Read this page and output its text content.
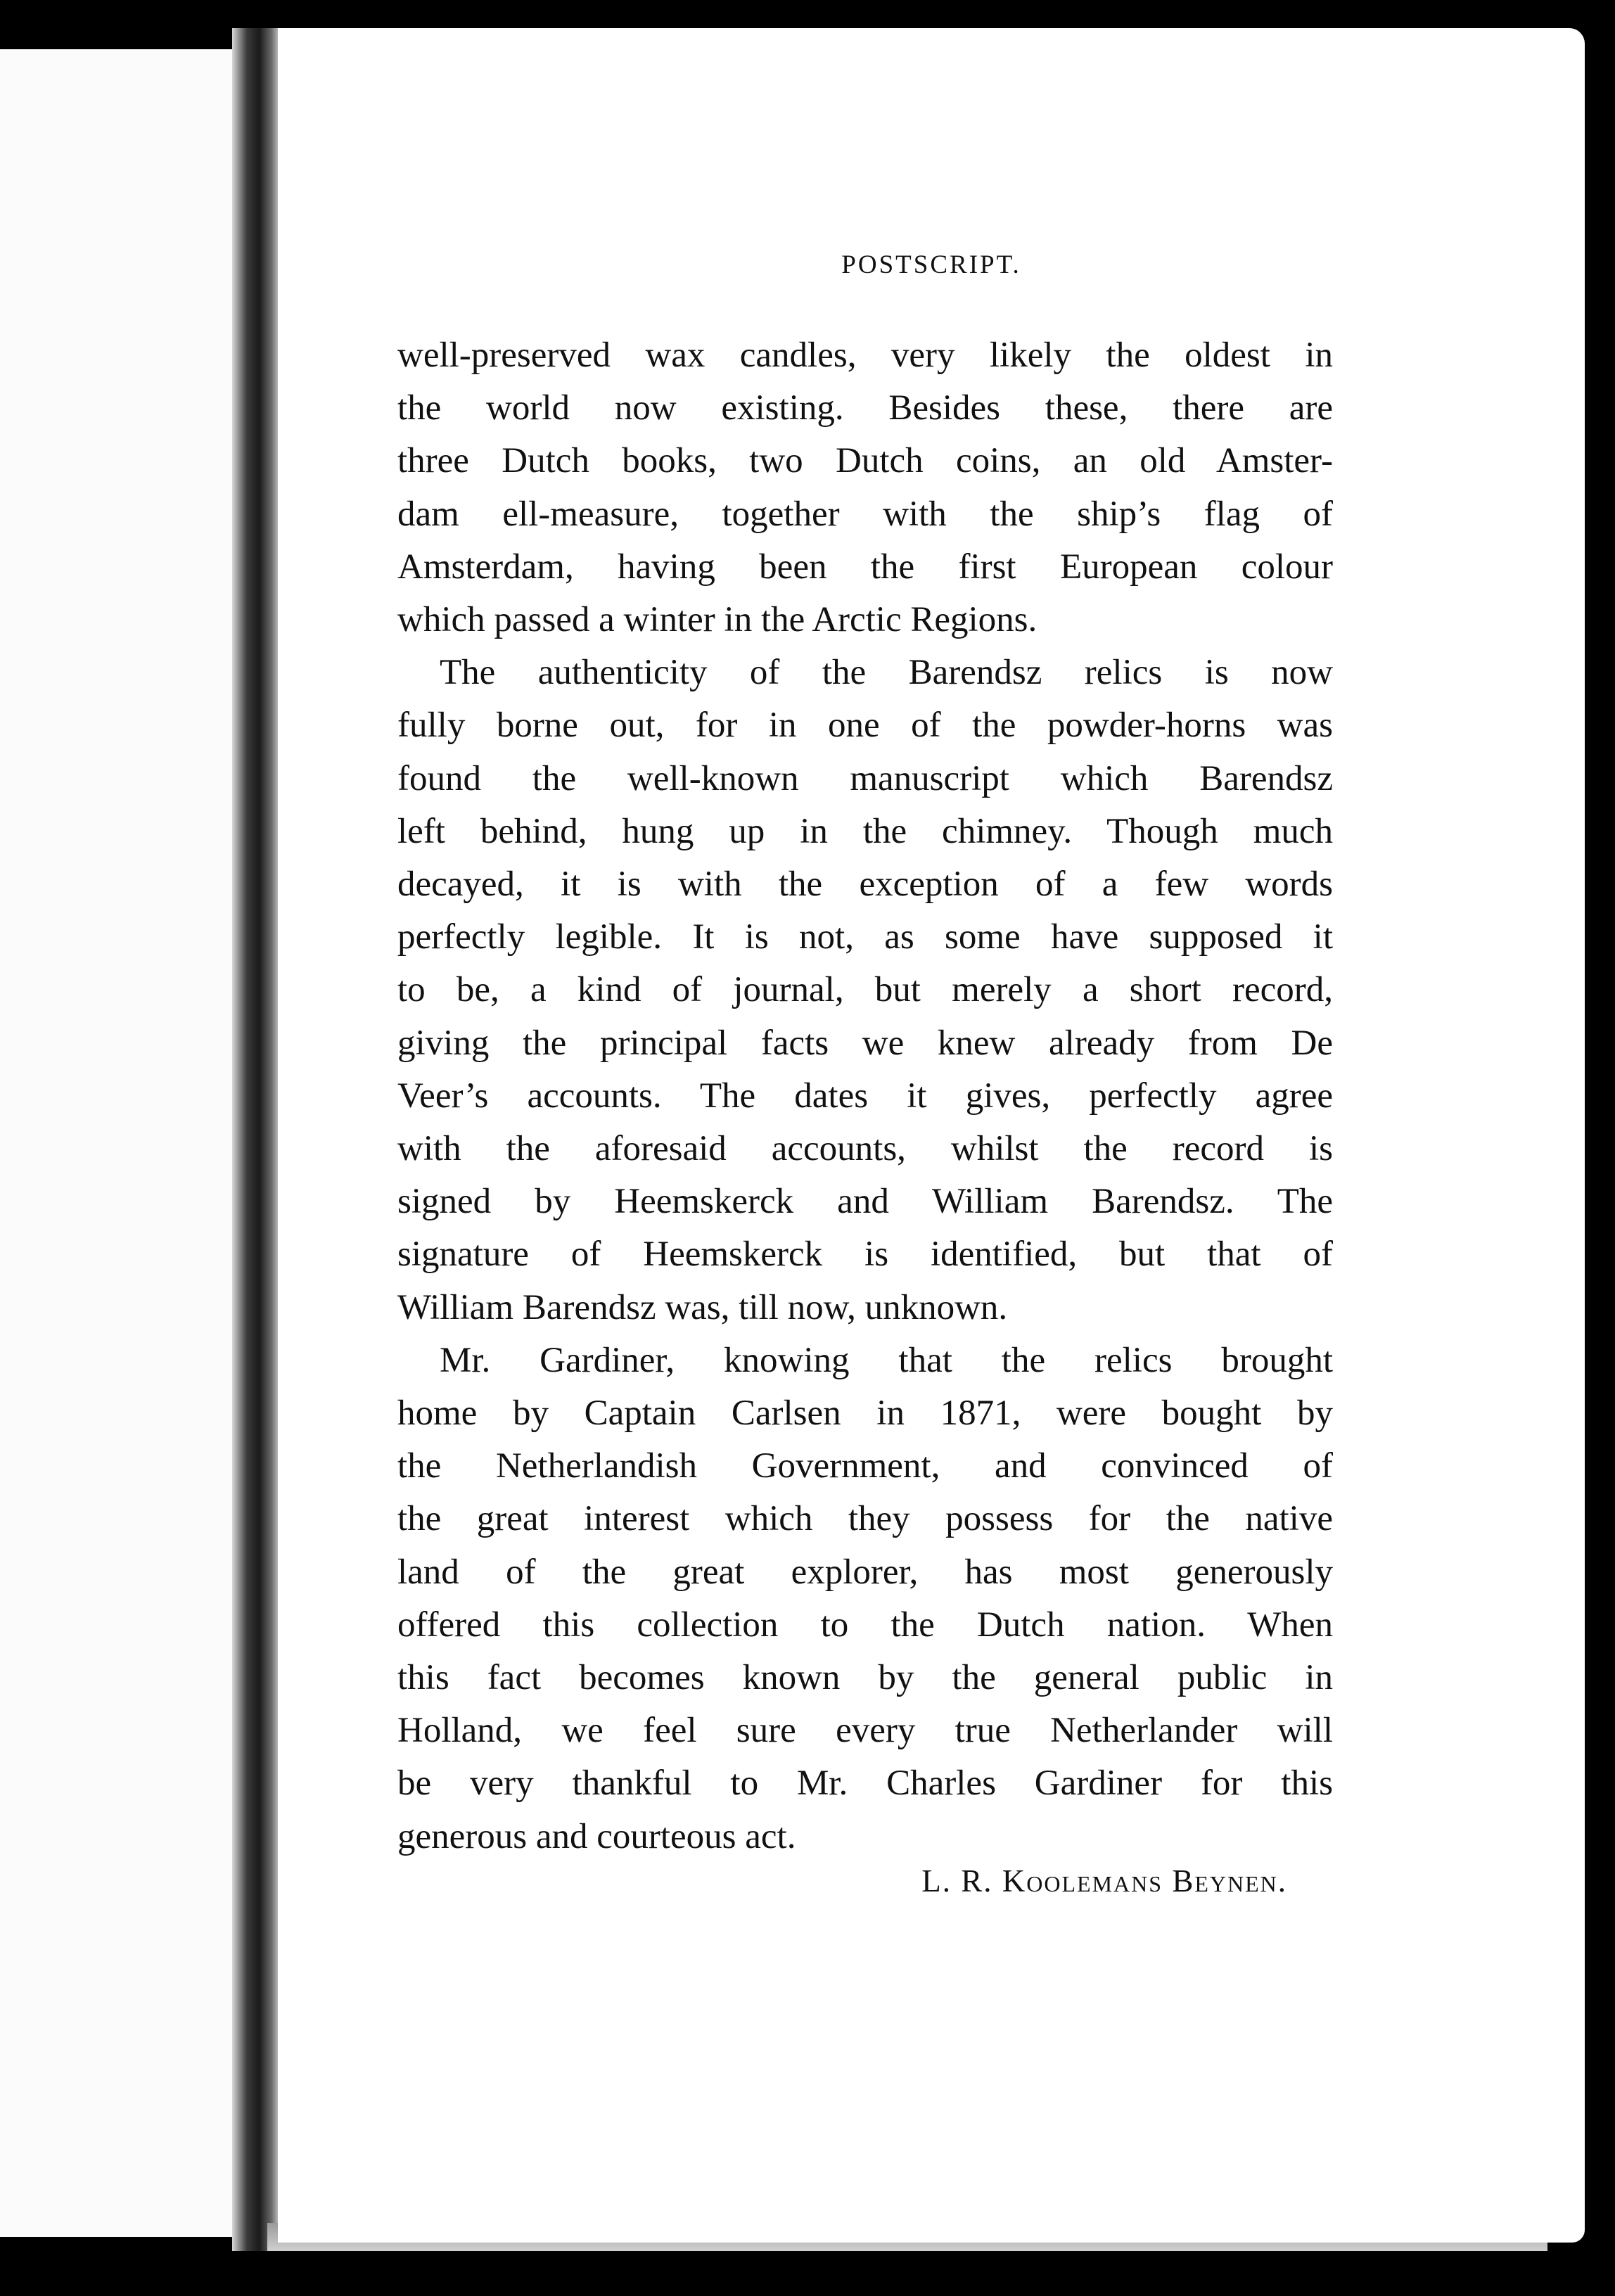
POSTSCRIPT.

well-preserved wax candles, very likely the oldest in
the world now existing. Besides these, there are
three Dutch books, two Dutch coins, an old Amster-
dam ell-measure, together with the ship’s flag of
Amsterdam, having been the first European colour
which passed a winter in the Arctic Regions.

The authenticity of the Barendsz relics is now
fully borne out, for in one of the powder-horns was
found the well-known manuscript which Barendsz
left behind, hung up in the chimney. Though much
decayed, it is with the exception of a few words
perfectly legible. It is not, as some have supposed it
to be, a kind of journal, but merely a short record,
giving the principal facts we knew already from De
Veer’s accounts. The dates it gives, perfectly agree
with the aforesaid accounts, whilst the record is
signed by Heemskerck and William Barendsz. The
signature of Heemskerck is identified, but that of
William Barendsz was, till now, unknown.

Mr. Gardiner, knowing that the relics brought
home by Captain Carlsen in 1871, were bought by
the Netherlandish Government, and convinced of
the great interest which they possess for the native
land of the great explorer, has most generously
offered this collection to the Dutch nation. When
this fact becomes known by the general public in
Holland, we feel sure every true Netherlander will
be very thankful to Mr. Charles Gardiner for this
generous and courteous act.

L. R. Koolemans Beynen.
